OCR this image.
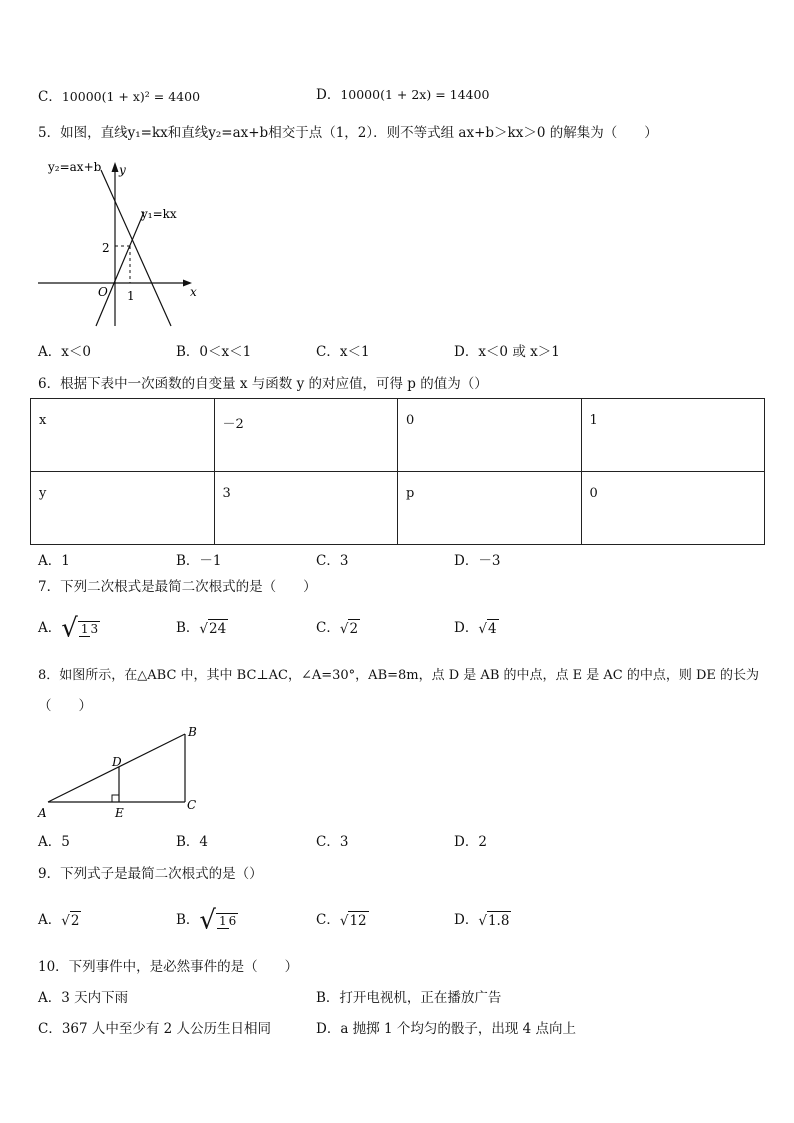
C．10000(1 + x)² = 4400	D．10000(1 + 2x) = 14400
5．如图，直线y₁=kx和直线y₂=ax+b相交于点（1，2）．则不等式组 ax+b＞kx＞0 的解集为（　　）
y₂=ax+b y
y₁=kx
2
O 1	x
A．x＜0	B．0＜x＜1	C．x＜1	D．x＜0 或 x＞1
6．根据下表中一次函数的自变量 x 与函数 y 的对应值，可得 p 的值为（）
x	－2	0	1
y	3	p	0
A．1	B．－1	C．3	D．－3
7．下列二次根式是最简二次根式的是（　　）
A．√ 1 3	B．√24	C．√2	D．√4
8．如图所示，在△ABC 中，其中 BC⊥AC，∠A=30°，AB=8m，点 D 是 AB 的中点，点 E 是 AC 的中点，则 DE 的长为
（　　）
A
B
C
D
E
A．5	B．4	C．3	D．2
9．下列式子是最简二次根式的是（）
A．√2	B．√ 1 6	C．√12	D．√1.8
10．下列事件中，是必然事件的是（　　）
A．3 天内下雨	B．打开电视机，正在播放广告
C．367 人中至少有 2 人公历生日相同	D．a 抛掷 1 个均匀的骰子，出现 4 点向上
